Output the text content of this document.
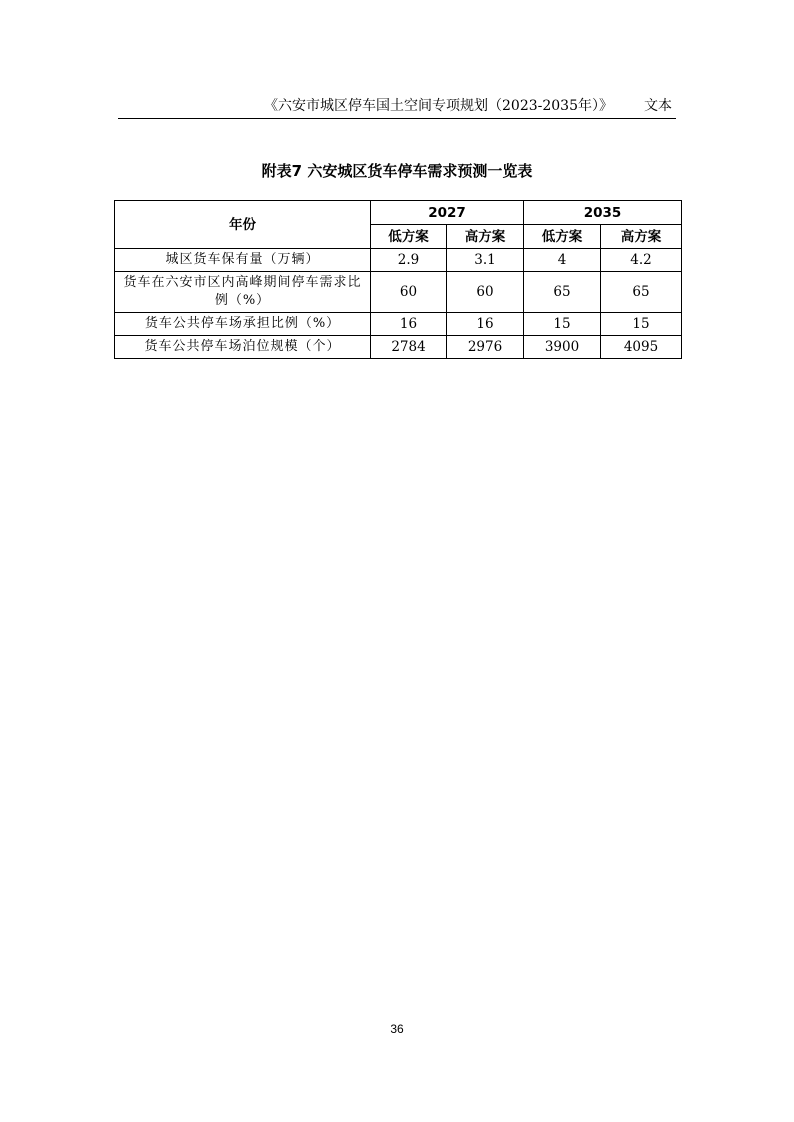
《六安市城区停车国土空间专项规划（2023-2035年）》 文本
附表7 六安城区货车停车需求预测一览表
年份	2027		2035	
	低方案	高方案	低方案	高方案
城区货车保有量（万辆）	2.9	3.1	4	4.2
货车在六安市区内高峰期间停车需求比例（%）	60	60	65	65
货车公共停车场承担比例（%）	16	16	15	15
货车公共停车场泊位规模（个）	2784	2976	3900	4095
36
